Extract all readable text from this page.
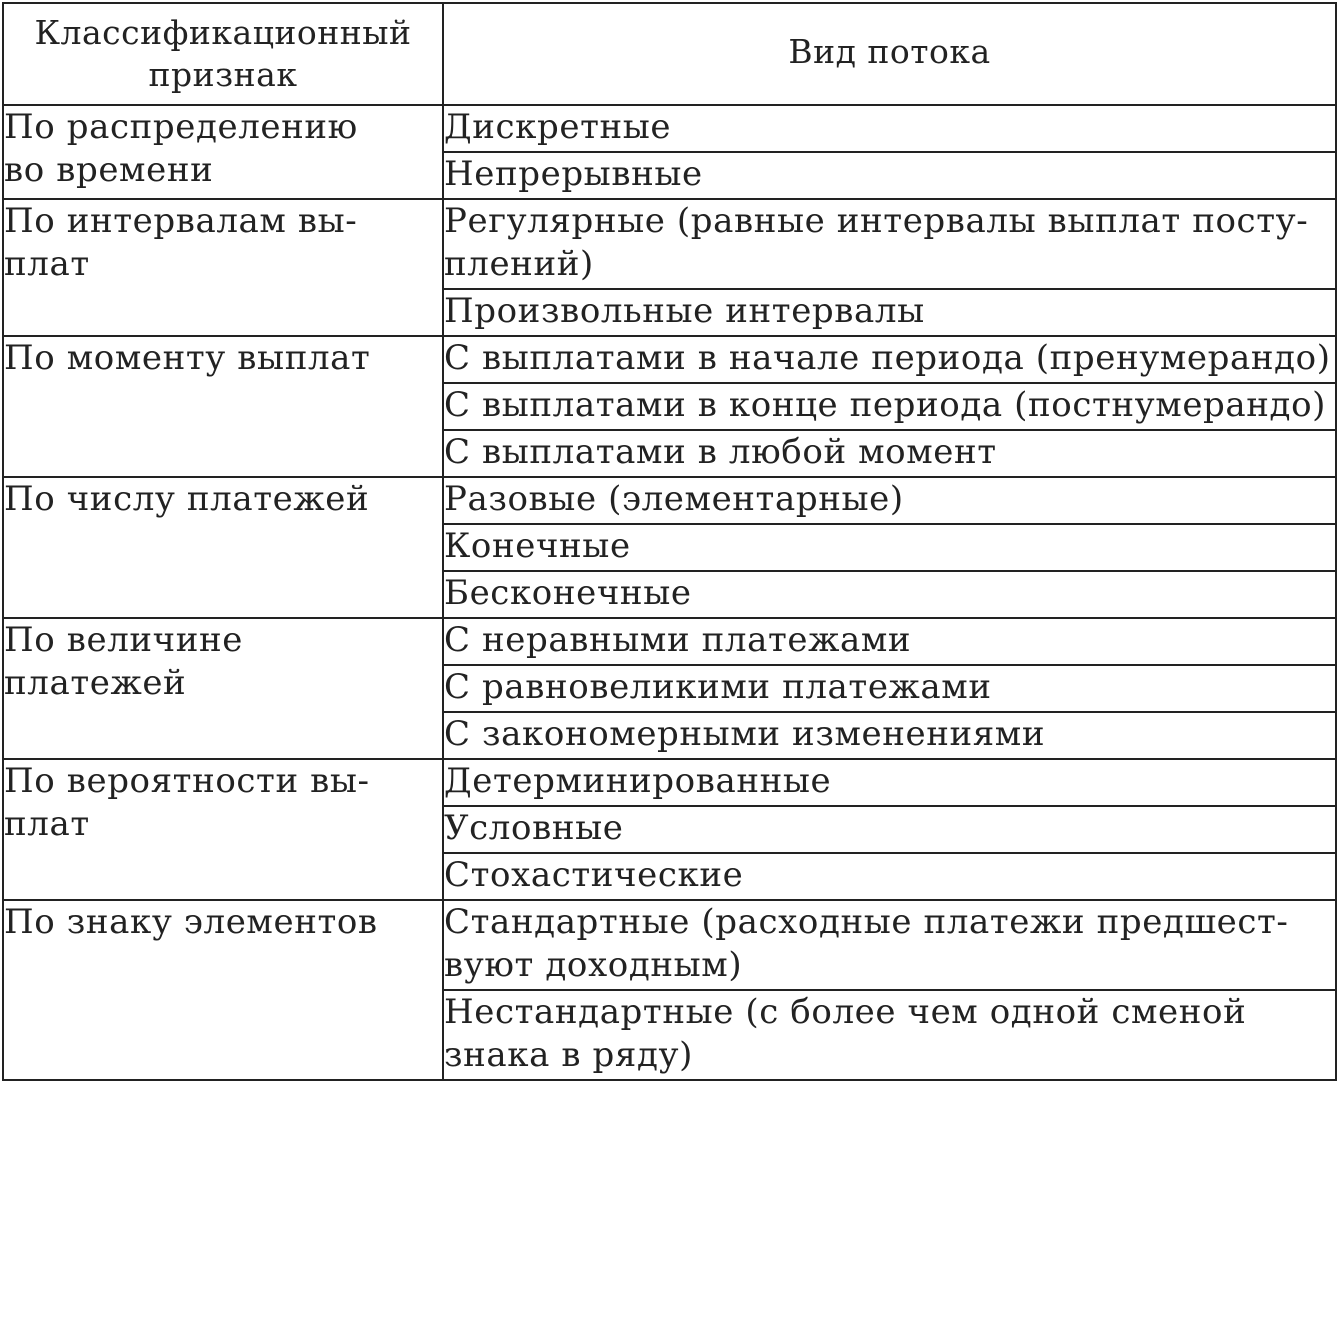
Классификационный признак	Вид потока

По распределению
во времени	Дискретные

	Непрерывные

По интервалам вы-
плат	Регулярные (равные интервалы выплат посту-
плений)

	Произвольные интервалы

По моменту выплат	С выплатами в начале периода (пренумерандо)

	С выплатами в конце периода (постнумерандо)

	С выплатами в любой момент

По числу платежей	Разовые (элементарные)

	Конечные

	Бесконечные

По величине
платежей	С неравными платежами

	С равновеликими платежами

	С закономерными изменениями

По вероятности вы-
плат	Детерминированные

	Условные

	Стохастические

По знаку элементов	Стандартные (расходные платежи предшест-
вуют доходным)

	Нестандартные (с более чем одной сменой
знака в ряду)
